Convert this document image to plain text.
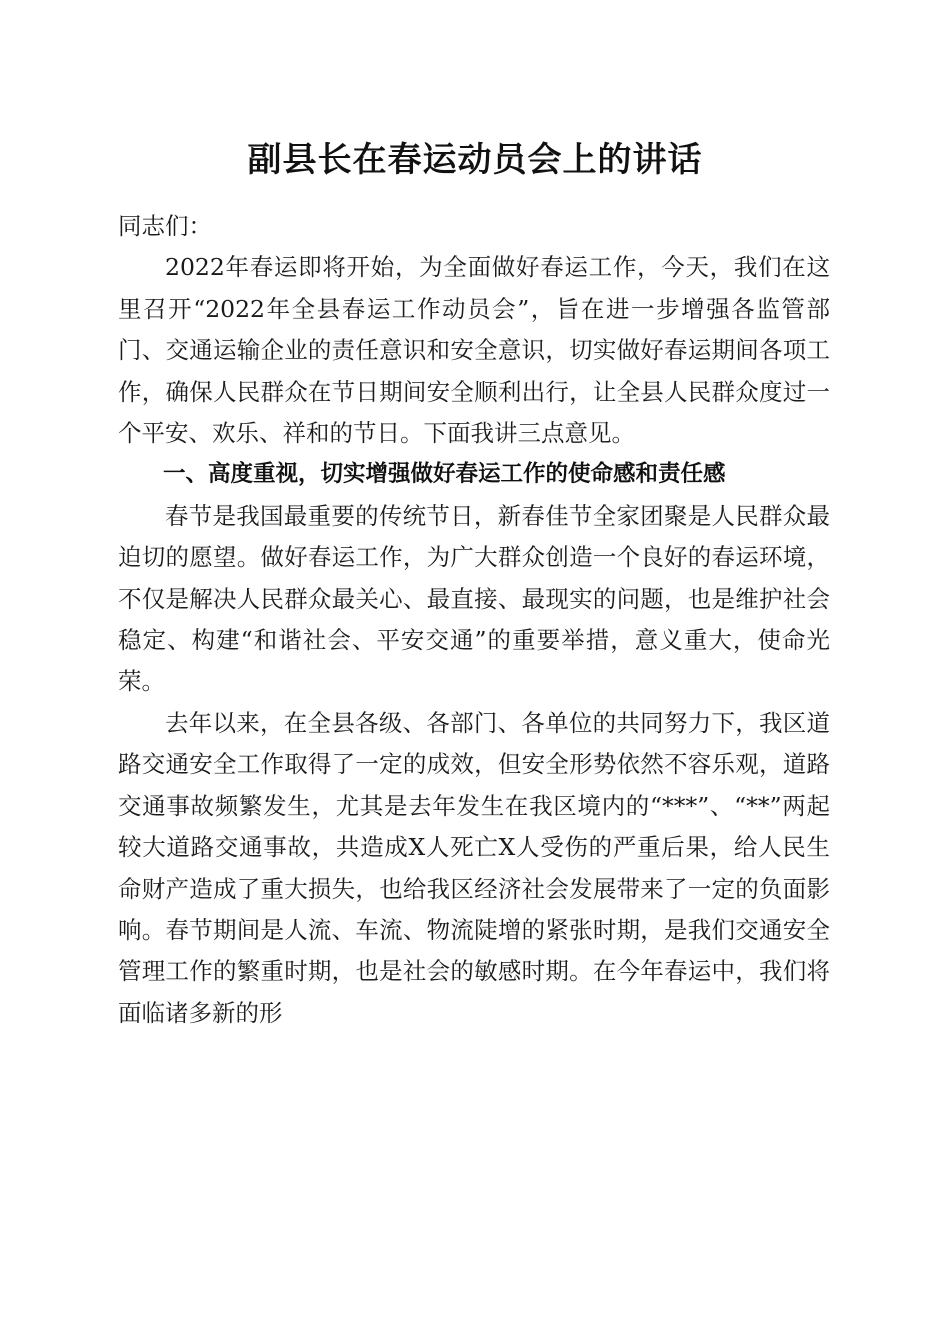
副县长在春运动员会上的讲话

同志们：

2022年春运即将开始，为全面做好春运工作，今天，我们在这里召开“2022年全县春运工作动员会”，旨在进一步增强各监管部门、交通运输企业的责任意识和安全意识，切实做好春运期间各项工作，确保人民群众在节日期间安全顺利出行，让全县人民群众度过一个平安、欢乐、祥和的节日。下面我讲三点意见。

一、高度重视，切实增强做好春运工作的使命感和责任感

春节是我国最重要的传统节日，新春佳节全家团聚是人民群众最迫切的愿望。做好春运工作，为广大群众创造一个良好的春运环境，不仅是解决人民群众最关心、最直接、最现实的问题，也是维护社会稳定、构建“和谐社会、平安交通”的重要举措，意义重大，使命光荣。

去年以来，在全县各级、各部门、各单位的共同努力下，我区道路交通安全工作取得了一定的成效，但安全形势依然不容乐观，道路交通事故频繁发生，尤其是去年发生在我区境内的“***”、“**”两起较大道路交通事故，共造成X人死亡X人受伤的严重后果，给人民生命财产造成了重大损失，也给我区经济社会发展带来了一定的负面影响。春节期间是人流、车流、物流陡增的紧张时期，是我们交通安全管理工作的繁重时期，也是社会的敏感时期。在今年春运中，我们将面临诸多新的形
